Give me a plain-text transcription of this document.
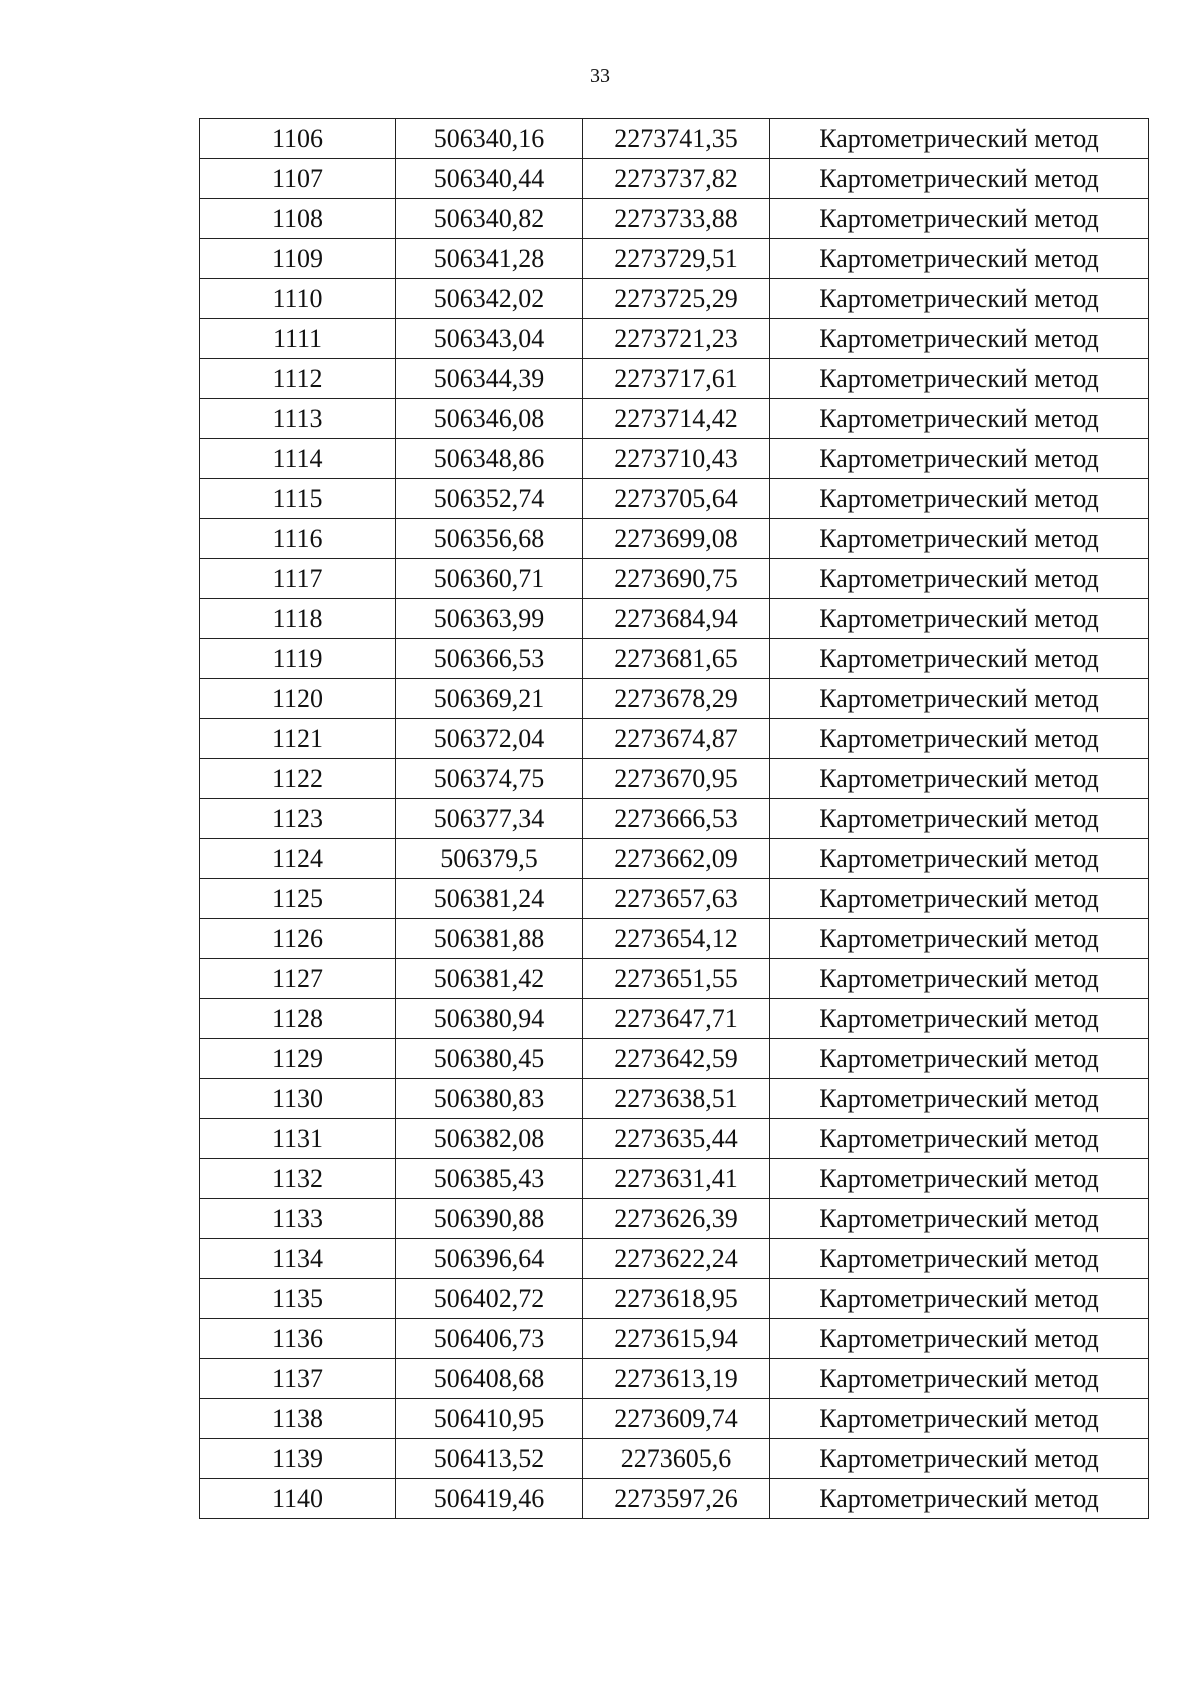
33
1106	506340,16	2273741,35	Картометрический метод
1107	506340,44	2273737,82	Картометрический метод
1108	506340,82	2273733,88	Картометрический метод
1109	506341,28	2273729,51	Картометрический метод
1110	506342,02	2273725,29	Картометрический метод
1111	506343,04	2273721,23	Картометрический метод
1112	506344,39	2273717,61	Картометрический метод
1113	506346,08	2273714,42	Картометрический метод
1114	506348,86	2273710,43	Картометрический метод
1115	506352,74	2273705,64	Картометрический метод
1116	506356,68	2273699,08	Картометрический метод
1117	506360,71	2273690,75	Картометрический метод
1118	506363,99	2273684,94	Картометрический метод
1119	506366,53	2273681,65	Картометрический метод
1120	506369,21	2273678,29	Картометрический метод
1121	506372,04	2273674,87	Картометрический метод
1122	506374,75	2273670,95	Картометрический метод
1123	506377,34	2273666,53	Картометрический метод
1124	506379,5	2273662,09	Картометрический метод
1125	506381,24	2273657,63	Картометрический метод
1126	506381,88	2273654,12	Картометрический метод
1127	506381,42	2273651,55	Картометрический метод
1128	506380,94	2273647,71	Картометрический метод
1129	506380,45	2273642,59	Картометрический метод
1130	506380,83	2273638,51	Картометрический метод
1131	506382,08	2273635,44	Картометрический метод
1132	506385,43	2273631,41	Картометрический метод
1133	506390,88	2273626,39	Картометрический метод
1134	506396,64	2273622,24	Картометрический метод
1135	506402,72	2273618,95	Картометрический метод
1136	506406,73	2273615,94	Картометрический метод
1137	506408,68	2273613,19	Картометрический метод
1138	506410,95	2273609,74	Картометрический метод
1139	506413,52	2273605,6	Картометрический метод
1140	506419,46	2273597,26	Картометрический метод
